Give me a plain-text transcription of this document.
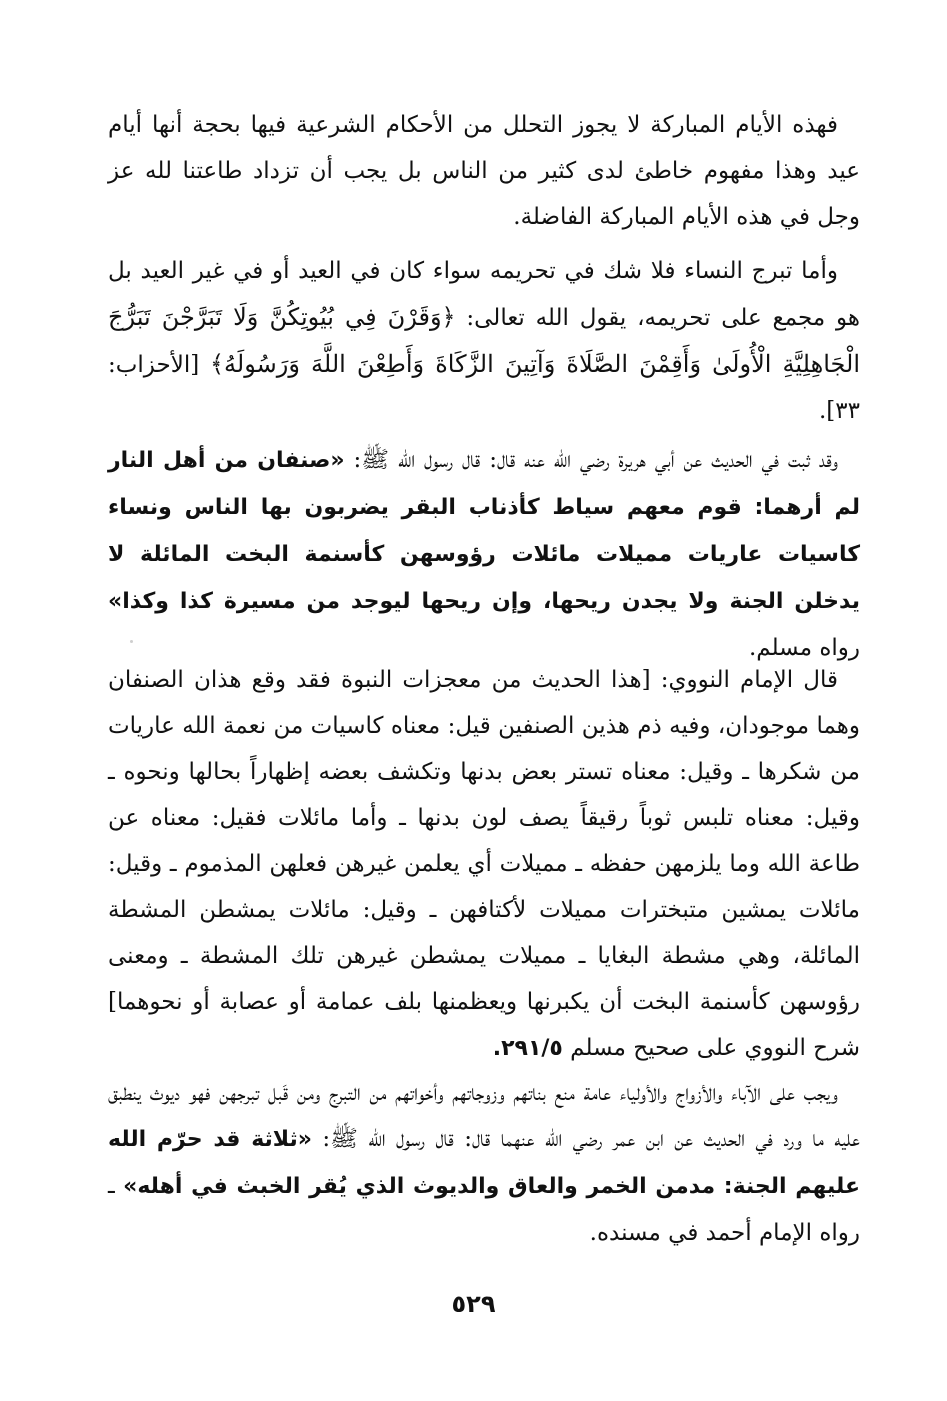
فهذه الأيام المباركة لا يجوز التحلل من الأحكام الشرعية فيها بحجة أنها أيام عيد وهذا مفهوم خاطئ لدى كثير من الناس بل يجب أن تزداد طاعتنا لله عز وجل في هذه الأيام المباركة الفاضلة.

وأما تبرج النساء فلا شك في تحريمه سواء كان في العيد أو في غير العيد بل هو مجمع على تحريمه، يقول الله تعالى: ﴿وَقَرْنَ فِي بُيُوتِكُنَّ وَلَا تَبَرَّجْنَ تَبَرُّجَ الْجَاهِلِيَّةِ الْأُولَىٰ وَأَقِمْنَ الصَّلَاةَ وَآتِينَ الزَّكَاةَ وَأَطِعْنَ اللَّهَ وَرَسُولَهُ﴾ [الأحزاب: ٣٣].

وقد ثبت في الحديث عن أبي هريرة رضي الله عنه قال: قال رسول الله ﷺ: «صنفان من أهل النار لم أرهما: قوم معهم سياط كأذناب البقر يضربون بها الناس ونساء كاسيات عاريات مميلات مائلات رؤوسهن كأسنمة البخت المائلة لا يدخلن الجنة ولا يجدن ريحها، وإن ريحها ليوجد من مسيرة كذا وكذا» رواه مسلم.

قال الإمام النووي: [هذا الحديث من معجزات النبوة فقد وقع هذان الصنفان وهما موجودان، وفيه ذم هذين الصنفين قيل: معناه كاسيات من نعمة الله عاريات من شكرها ـ وقيل: معناه تستر بعض بدنها وتكشف بعضه إظهاراً بحالها ونحوه ـ وقيل: معناه تلبس ثوباً رقيقاً يصف لون بدنها ـ وأما مائلات فقيل: معناه عن طاعة الله وما يلزمهن حفظه ـ مميلات أي يعلمن غيرهن فعلهن المذموم ـ وقيل: مائلات يمشين متبخترات مميلات لأكتافهن ـ وقيل: مائلات يمشطن المشطة المائلة، وهي مشطة البغايا ـ مميلات يمشطن غيرهن تلك المشطة ـ ومعنى رؤوسهن كأسنمة البخت أن يكبرنها ويعظمنها بلف عمامة أو عصابة أو نحوهما] شرح النووي على صحيح مسلم ٢٩١/٥.

ويجب على الآباء والأزواج والأولياء عامة منع بناتهم وزوجاتهم وأخواتهم من التبرج ومن قَبل تبرجهن فهو ديوث ينطبق عليه ما ورد في الحديث عن ابن عمر رضي الله عنهما قال: قال رسول الله ﷺ: «ثلاثة قد حرّم الله عليهم الجنة: مدمن الخمر والعاق والديوث الذي يُقر الخبث في أهله» ـ رواه الإمام أحمد في مسنده.

٥٢٩
